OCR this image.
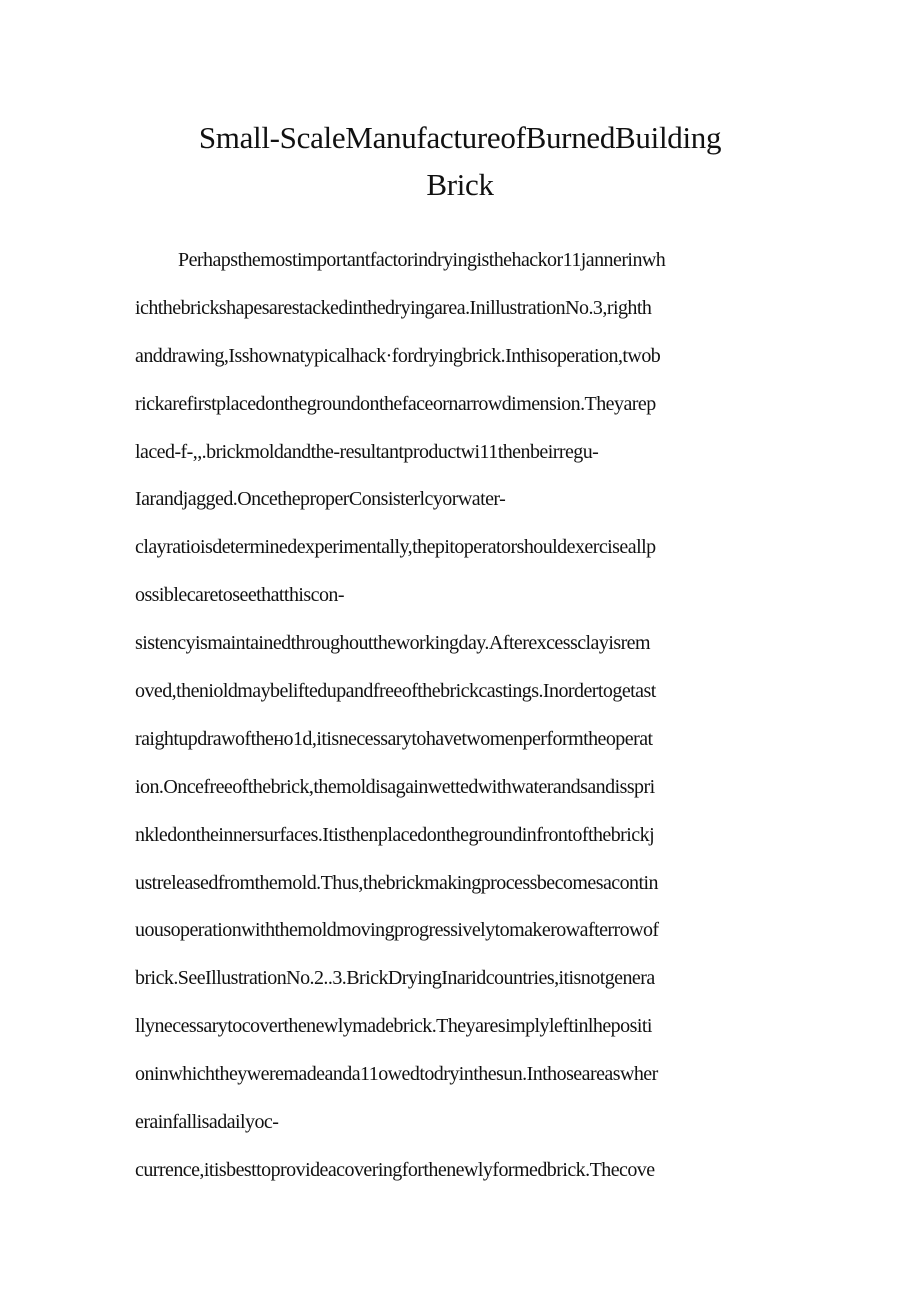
Small-ScaleManufactureofBurnedBuilding
Brick
Perhapsthemostimportantfactorindryingisthehackor11jannerinwh
ichthebrickshapesarestackedinthedryingarea.InillustrationNo.3,righth
anddrawing,Isshownatypicalhack·fordryingbrick.Inthisoperation,twob
rickarefirstplacedonthegroundonthefaceornarrowdimension.Theyarep
laced-f-,,.brickmoldandthe-resultantproductwi11thenbeirregu-
Iarandjagged.OncetheproperConsisterlcyorwater-
clayratioisdeterminedexperimentally,thepitoperatorshouldexerciseallp
ossiblecaretoseethatthiscon-
sistencyismaintainedthroughouttheworkingday.Afterexcessclayisrem
oved,thenioldmaybeliftedupandfreeofthebrickcastings.Inordertogetast
raightupdrawoftheнo1d,itisnecessarytohavetwomenperformtheoperat
ion.Oncefreeofthebrick,themoldisagainwettedwithwaterandsandisspri
nkledontheinnersurfaces.Itisthenplacedonthegroundinfrontofthebrickj
ustreleasedfromthemold.Thus,thebrickmakingprocessbecomesacontin
uousoperationwiththemoldmovingprogressivelytomakerowafterrowof
brick.SeeIllustrationNo.2..3.BrickDryingInaridcountries,itisnotgenera
llynecessarytocoverthenewlymadebrick.Theyaresimplyleftinlhepositi
oninwhichtheyweremadeanda11owedtodryinthesun.Inthoseareaswher
erainfallisadailyoc-
currence,itisbesttoprovideacoveringforthenewlyformedbrick.Thecove
